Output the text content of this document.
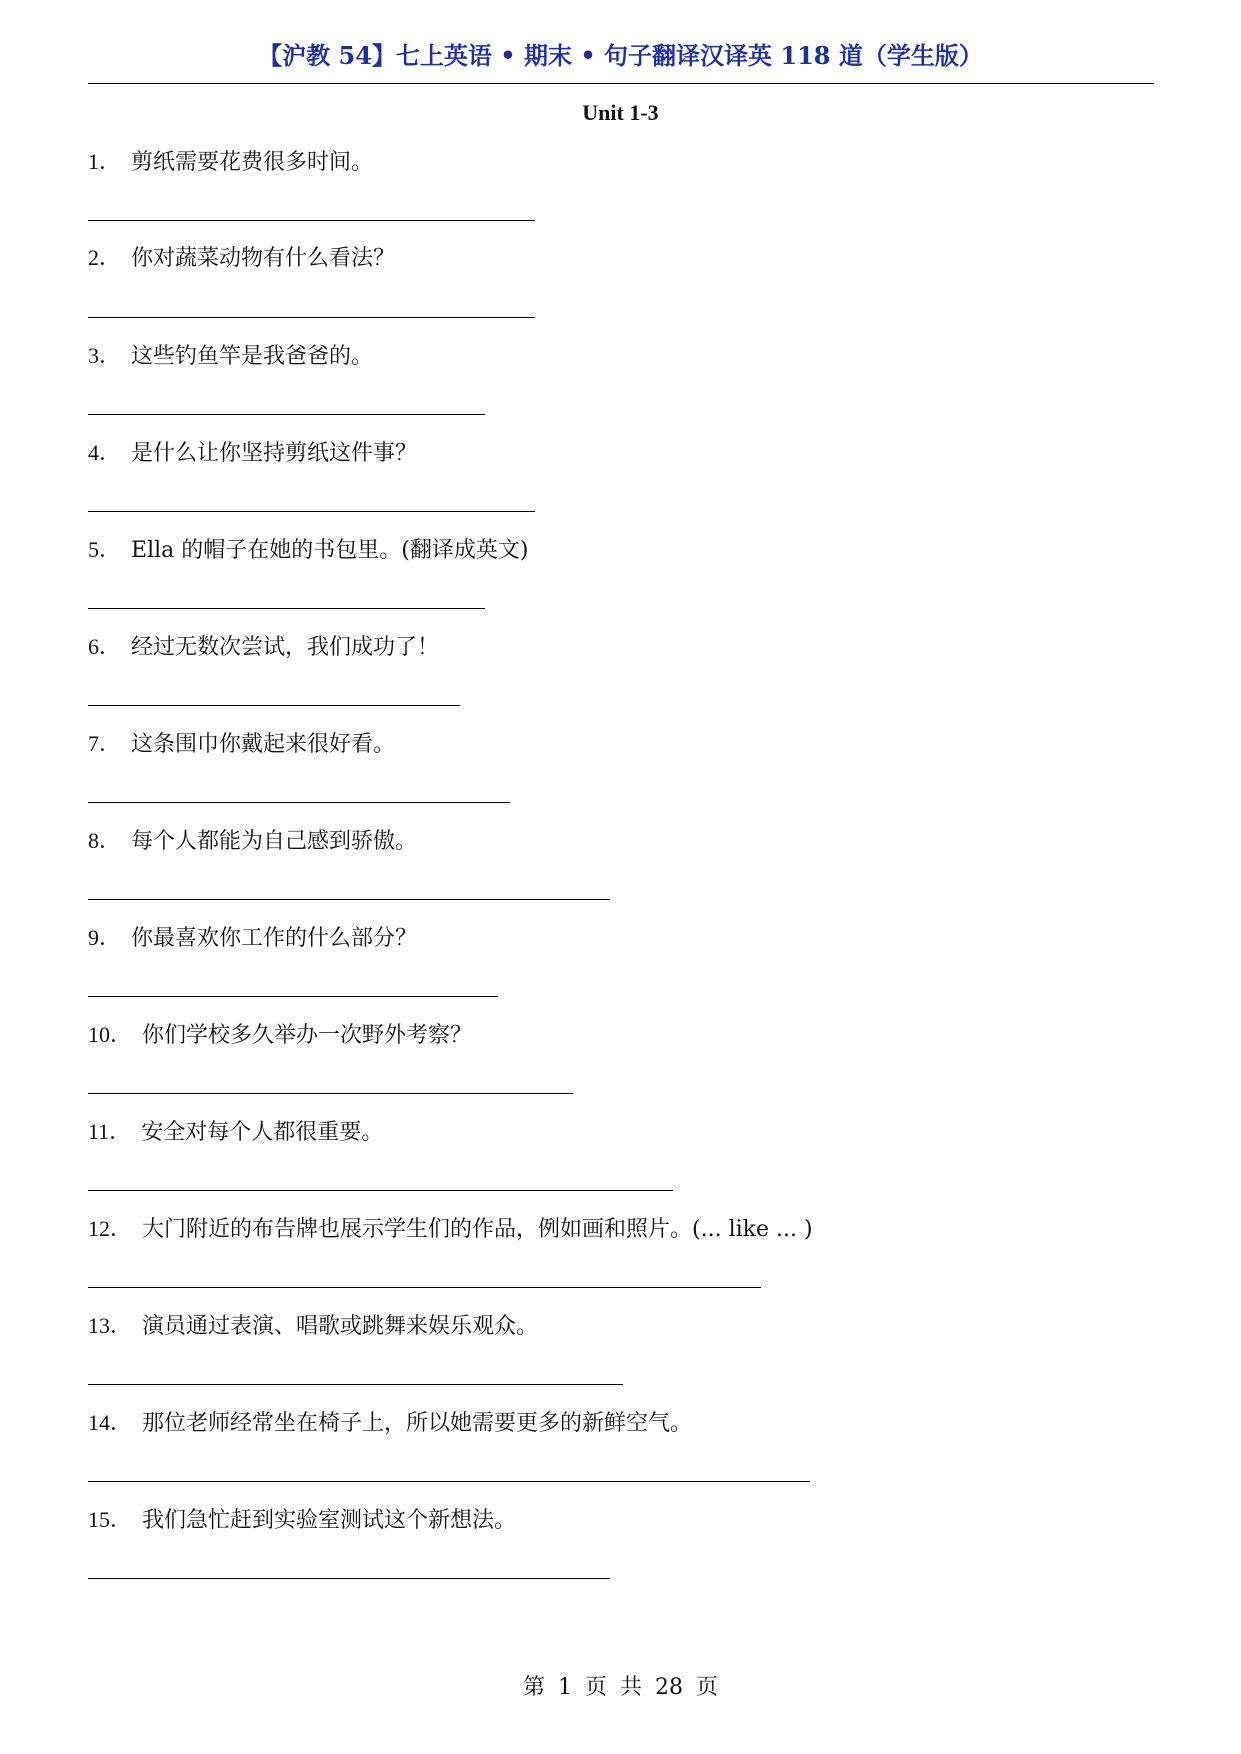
【沪教 54】七上英语 • 期末 • 句子翻译汉译英 118 道（学生版）
Unit 1-3
1． 剪纸需要花费很多时间。
2． 你对蔬菜动物有什么看法？
3． 这些钓鱼竿是我爸爸的。
4． 是什么让你坚持剪纸这件事？
5． Ella 的帽子在她的书包里。(翻译成英文)
6． 经过无数次尝试，我们成功了！
7． 这条围巾你戴起来很好看。
8． 每个人都能为自己感到骄傲。
9． 你最喜欢你工作的什么部分？
10． 你们学校多久举办一次野外考察？
11． 安全对每个人都很重要。
12． 大门附近的布告牌也展示学生们的作品，例如画和照片。(... like ... )
13． 演员通过表演、唱歌或跳舞来娱乐观众。
14． 那位老师经常坐在椅子上，所以她需要更多的新鲜空气。
15． 我们急忙赶到实验室测试这个新想法。
第 1 页 共 28 页
